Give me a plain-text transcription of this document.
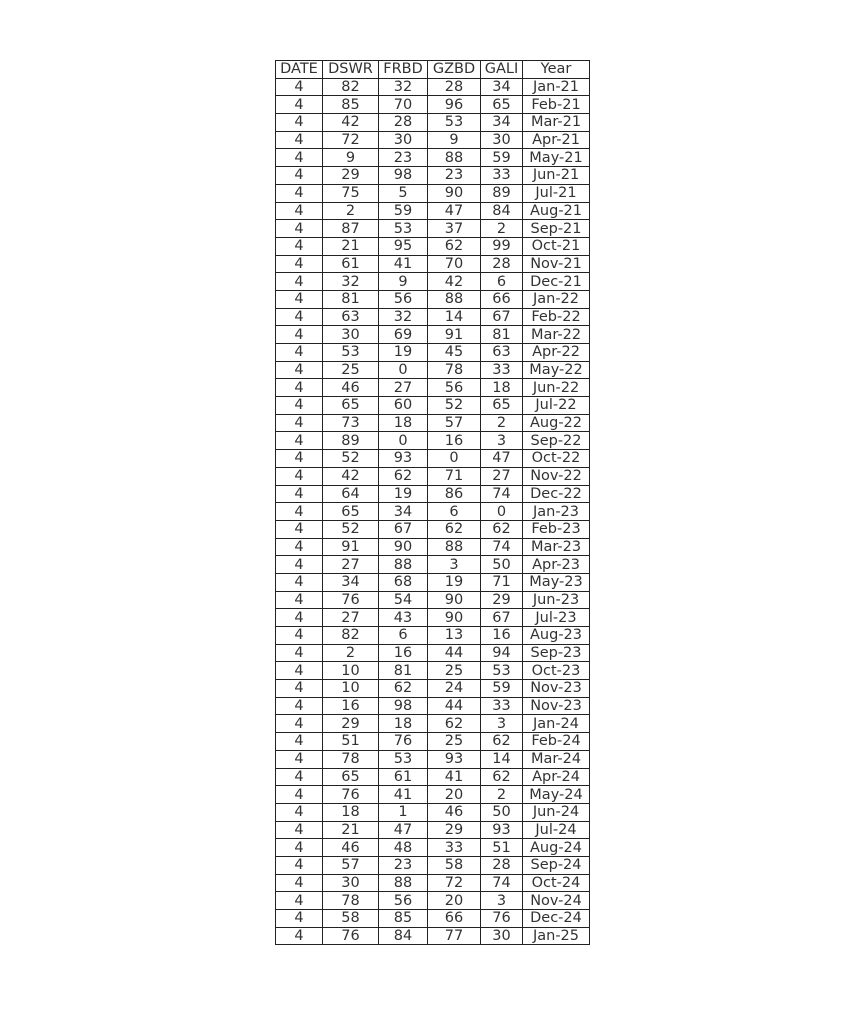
DATE	DSWR	FRBD	GZBD	GALI	Year
4	82	32	28	34	Jan-21
4	85	70	96	65	Feb-21
4	42	28	53	34	Mar-21
4	72	30	9	30	Apr-21
4	9	23	88	59	May-21
4	29	98	23	33	Jun-21
4	75	5	90	89	Jul-21
4	2	59	47	84	Aug-21
4	87	53	37	2	Sep-21
4	21	95	62	99	Oct-21
4	61	41	70	28	Nov-21
4	32	9	42	6	Dec-21
4	81	56	88	66	Jan-22
4	63	32	14	67	Feb-22
4	30	69	91	81	Mar-22
4	53	19	45	63	Apr-22
4	25	0	78	33	May-22
4	46	27	56	18	Jun-22
4	65	60	52	65	Jul-22
4	73	18	57	2	Aug-22
4	89	0	16	3	Sep-22
4	52	93	0	47	Oct-22
4	42	62	71	27	Nov-22
4	64	19	86	74	Dec-22
4	65	34	6	0	Jan-23
4	52	67	62	62	Feb-23
4	91	90	88	74	Mar-23
4	27	88	3	50	Apr-23
4	34	68	19	71	May-23
4	76	54	90	29	Jun-23
4	27	43	90	67	Jul-23
4	82	6	13	16	Aug-23
4	2	16	44	94	Sep-23
4	10	81	25	53	Oct-23
4	10	62	24	59	Nov-23
4	16	98	44	33	Nov-23
4	29	18	62	3	Jan-24
4	51	76	25	62	Feb-24
4	78	53	93	14	Mar-24
4	65	61	41	62	Apr-24
4	76	41	20	2	May-24
4	18	1	46	50	Jun-24
4	21	47	29	93	Jul-24
4	46	48	33	51	Aug-24
4	57	23	58	28	Sep-24
4	30	88	72	74	Oct-24
4	78	56	20	3	Nov-24
4	58	85	66	76	Dec-24
4	76	84	77	30	Jan-25
